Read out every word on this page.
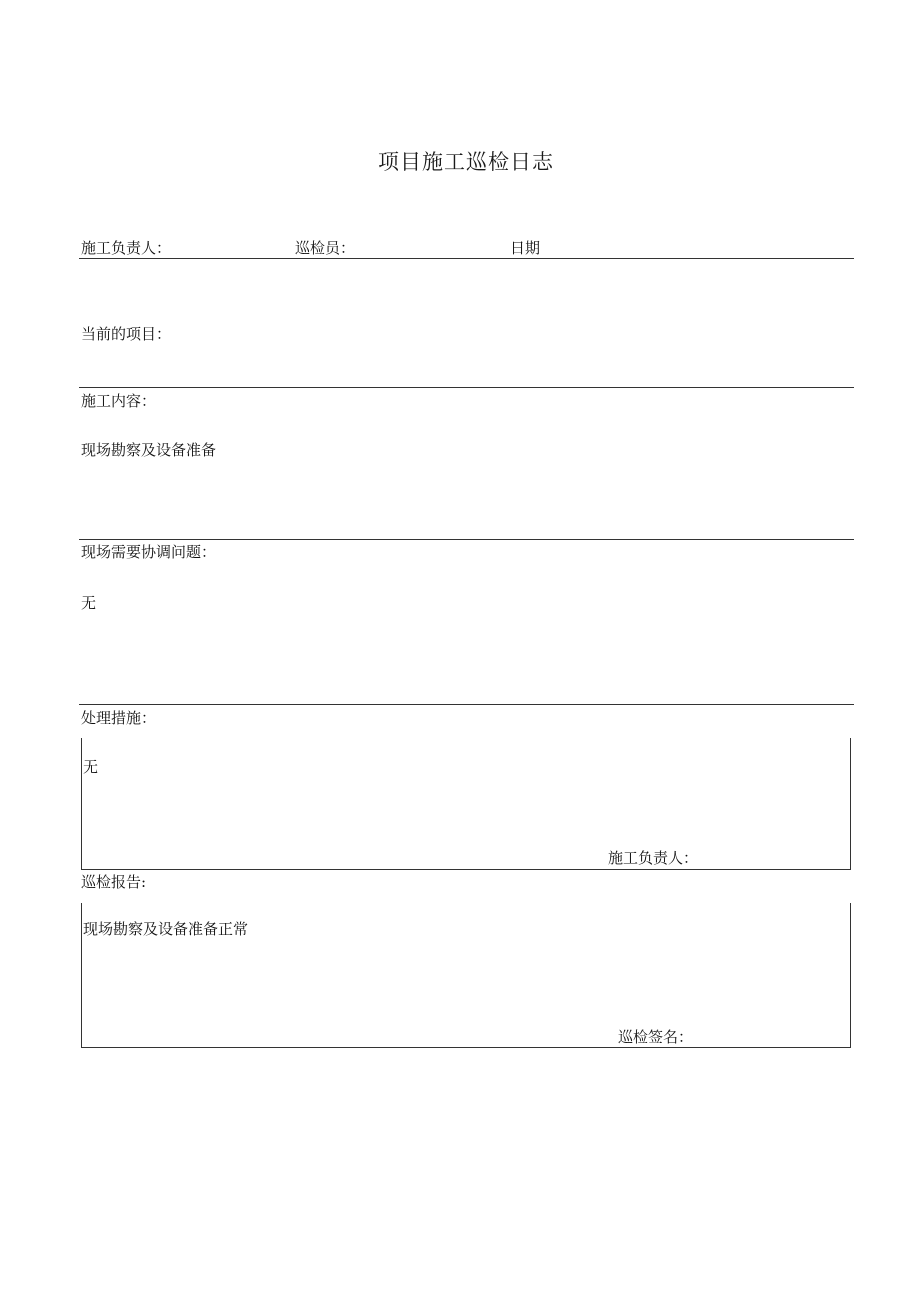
项目施工巡检日志
施工负责人：	巡检员：	日期
当前的项目：
施工内容：
现场勘察及设备准备
现场需要协调问题：
无
处理措施：
无
施工负责人：
巡检报告:
现场勘察及设备准备正常
巡检签名：
